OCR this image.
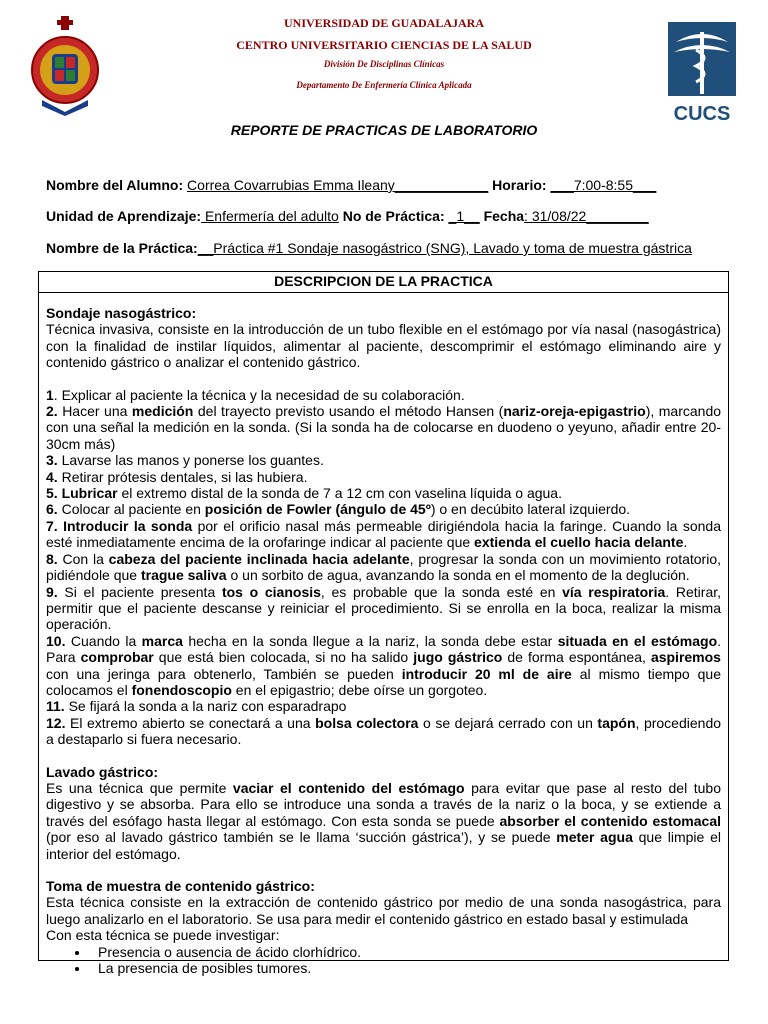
UNIVERSIDAD DE GUADALAJARA
CENTRO UNIVERSITARIO CIENCIAS DE LA SALUD
División De Disciplinas Clínicas
Departamento De Enfermería Clínica Aplicada
CUCS
REPORTE DE PRACTICAS DE LABORATORIO
Nombre del Alumno: Correa Covarrubias Emma Ileany____________ Horario: ___7:00-8:55___
Unidad de Aprendizaje: Enfermería del adulto No de Práctica: _1__ Fecha: 31/08/22________
Nombre de la Práctica:__Práctica #1 Sondaje nasogástrico (SNG), Lavado y toma de muestra gástrica
DESCRIPCION DE LA PRACTICA

Sondaje nasogástrico:

Técnica invasiva, consiste en la introducción de un tubo flexible en el estómago por vía nasal (nasogástrica) con la finalidad de instilar líquidos, alimentar al paciente, descomprimir el estómago eliminando aire y contenido gástrico o analizar el contenido gástrico.

1. Explicar al paciente la técnica y la necesidad de su colaboración.

2. Hacer una medición del trayecto previsto usando el método Hansen (nariz-oreja-epigastrio), marcando con una señal la medición en la sonda. (Si la sonda ha de colocarse en duodeno o yeyuno, añadir entre 20-30cm más)

3. Lavarse las manos y ponerse los guantes.

4. Retirar prótesis dentales, si las hubiera.

5. Lubricar el extremo distal de la sonda de 7 a 12 cm con vaselina líquida o agua.

6. Colocar al paciente en posición de Fowler (ángulo de 45º) o en decúbito lateral izquierdo.

7. Introducir la sonda por el orificio nasal más permeable dirigiéndola hacia la faringe. Cuando la sonda esté inmediatamente encima de la orofaringe indicar al paciente que extienda el cuello hacia delante.

8. Con la cabeza del paciente inclinada hacia adelante, progresar la sonda con un movimiento rotatorio, pidiéndole que trague saliva o un sorbito de agua, avanzando la sonda en el momento de la deglución.

9. Si el paciente presenta tos o cianosis, es probable que la sonda esté en vía respiratoria. Retirar, permitir que el paciente descanse y reiniciar el procedimiento. Si se enrolla en la boca, realizar la misma operación.

10. Cuando la marca hecha en la sonda llegue a la nariz, la sonda debe estar situada en el estómago. Para comprobar que está bien colocada, si no ha salido jugo gástrico de forma espontánea, aspiremos con una jeringa para obtenerlo, También se pueden introducir 20 ml de aire al mismo tiempo que colocamos el fonendoscopio en el epigastrio; debe oírse un gorgoteo.

11. Se fijará la sonda a la nariz con esparadrapo

12. El extremo abierto se conectará a una bolsa colectora o se dejará cerrado con un tapón, procediendo a destaparlo si fuera necesario.

Lavado gástrico:

Es una técnica que permite vaciar el contenido del estómago para evitar que pase al resto del tubo digestivo y se absorba. Para ello se introduce una sonda a través de la nariz o la boca, y se extiende a través del esófago hasta llegar al estómago. Con esta sonda se puede absorber el contenido estomacal (por eso al lavado gástrico también se le llama ‘succión gástrica’), y se puede meter agua que limpie el interior del estómago.

Toma de muestra de contenido gástrico:

Esta técnica consiste en la extracción de contenido gástrico por medio de una sonda nasogástrica, para luego analizarlo en el laboratorio. Se usa para medir el contenido gástrico en estado basal y estimulada

Con esta técnica se puede investigar:

• Presencia o ausencia de ácido clorhídrico.
• La presencia de posibles tumores.
